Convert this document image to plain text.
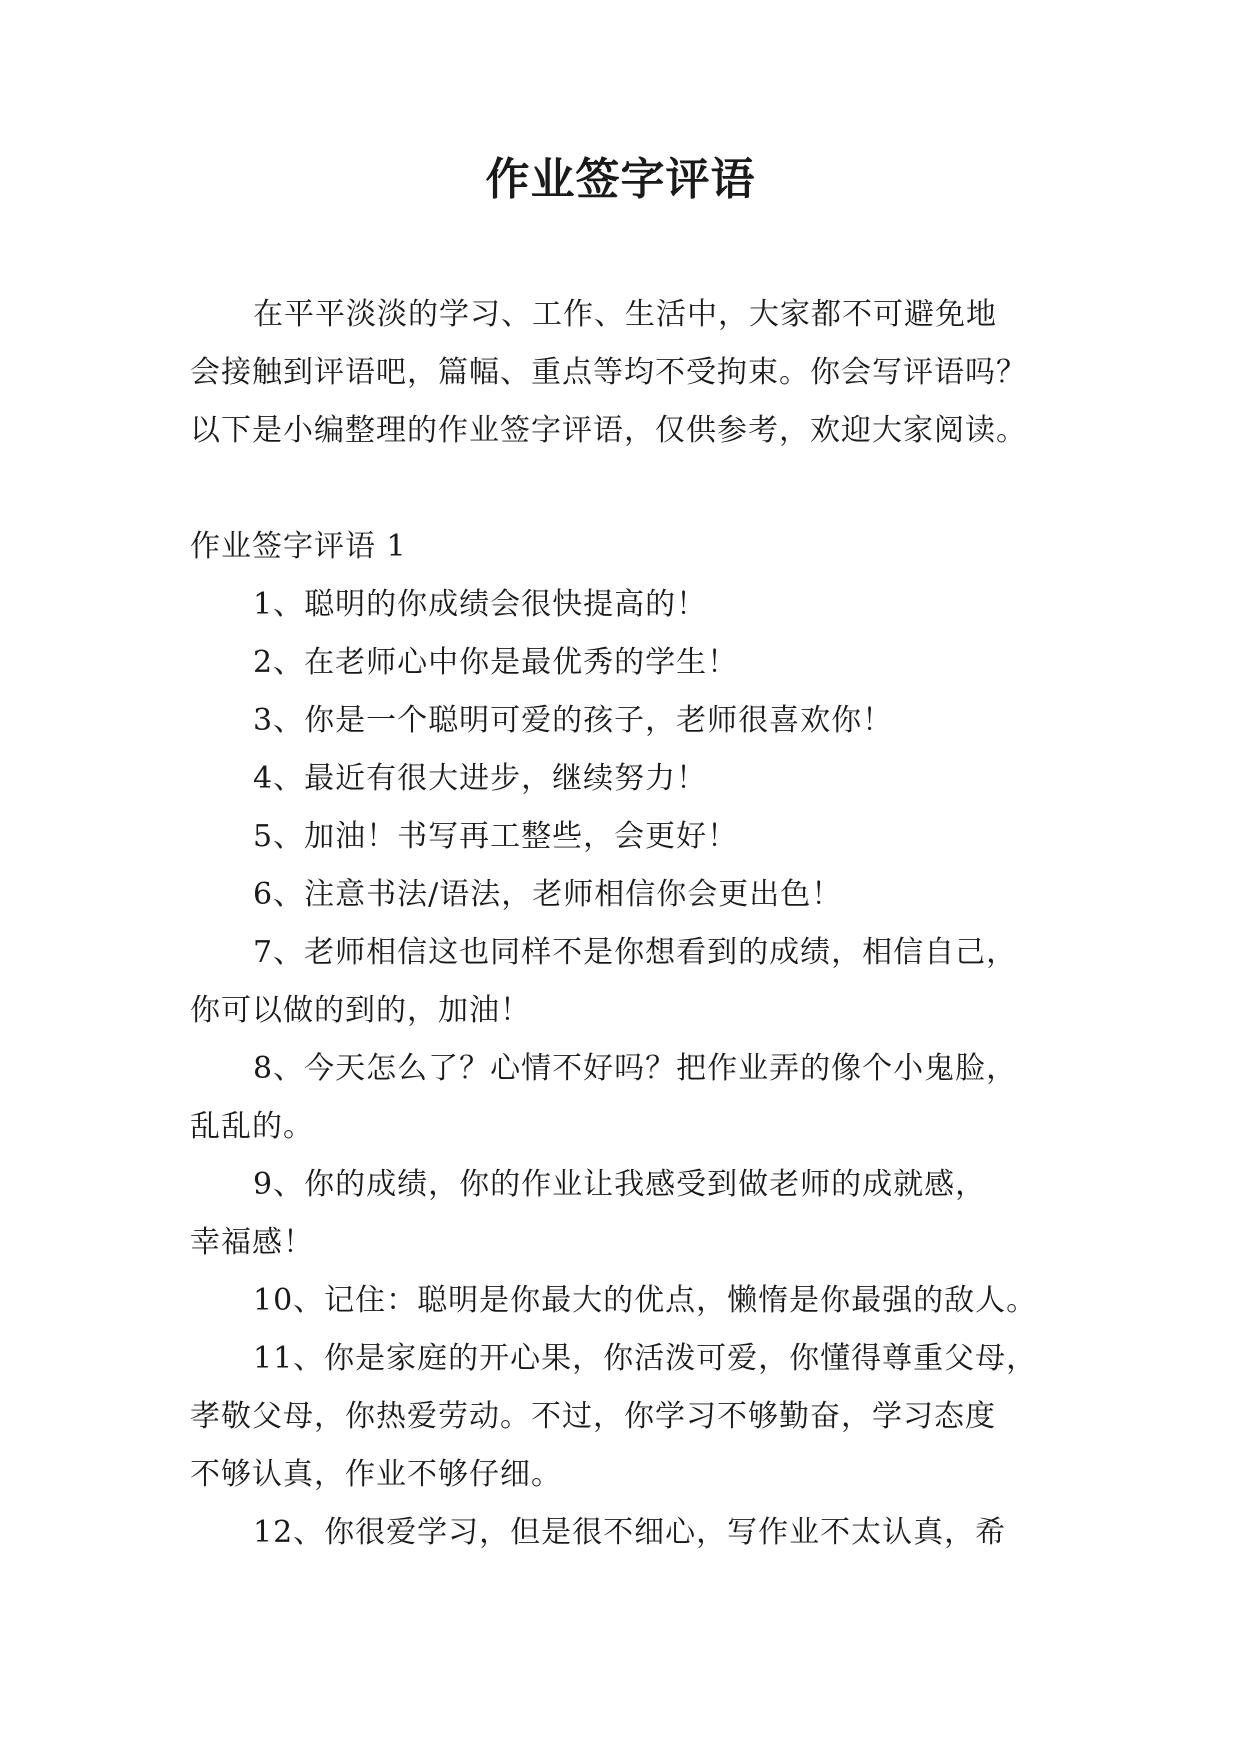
作业签字评语
在平平淡淡的学习、工作、生活中，大家都不可避免地
会接触到评语吧，篇幅、重点等均不受拘束。你会写评语吗？
以下是小编整理的作业签字评语，仅供参考，欢迎大家阅读。
作业签字评语 1
1、聪明的你成绩会很快提高的！
2、在老师心中你是最优秀的学生！
3、你是一个聪明可爱的孩子，老师很喜欢你！
4、最近有很大进步，继续努力！
5、加油！书写再工整些，会更好！
6、注意书法/语法，老师相信你会更出色！
7、老师相信这也同样不是你想看到的成绩，相信自己，
你可以做的到的，加油！
8、今天怎么了？心情不好吗？把作业弄的像个小鬼脸，
乱乱的。
9、你的成绩，你的作业让我感受到做老师的成就感，
幸福感！
10、记住：聪明是你最大的优点，懒惰是你最强的敌人。
11、你是家庭的开心果，你活泼可爱，你懂得尊重父母，
孝敬父母，你热爱劳动。不过，你学习不够勤奋，学习态度
不够认真，作业不够仔细。
12、你很爱学习，但是很不细心，写作业不太认真，希
